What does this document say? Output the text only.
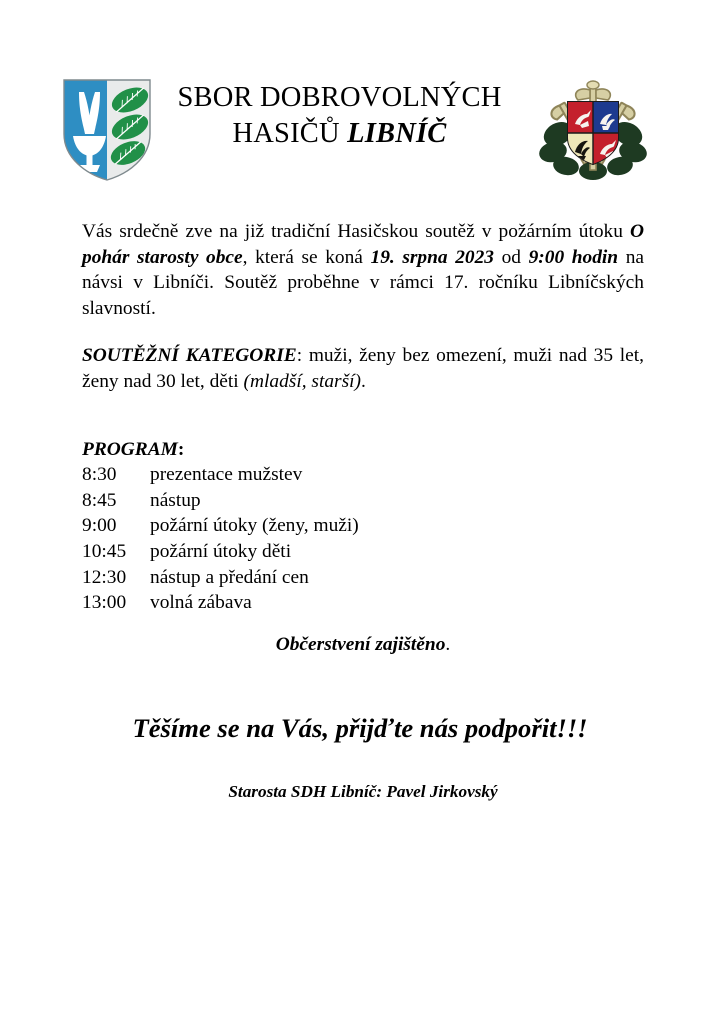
SBOR DOBROVOLNÝCH
HASIČŮ LIBNÍČ

Vás srdečně zve na již tradiční Hasičskou soutěž v požárním útoku O pohár starosty obce, která se koná 19. srpna 2023 od 9:00 hodin na návsi v Libníči. Soutěž proběhne v rámci 17. ročníku Libníčských slavností.

SOUTĚŽNÍ KATEGORIE: muži, ženy bez omezení, muži nad 35 let, ženy nad 30 let, děti (mladší, starší).

PROGRAM:
8:30	prezentace mužstev
8:45	nástup
9:00	požární útoky (ženy, muži)
10:45	požární útoky děti
12:30	nástup a předání cen
13:00	volná zábava
Občerstvení zajištěno.
Těšíme se na Vás, přijďte nás podpořit!!!
Starosta SDH Libníč: Pavel Jirkovský
